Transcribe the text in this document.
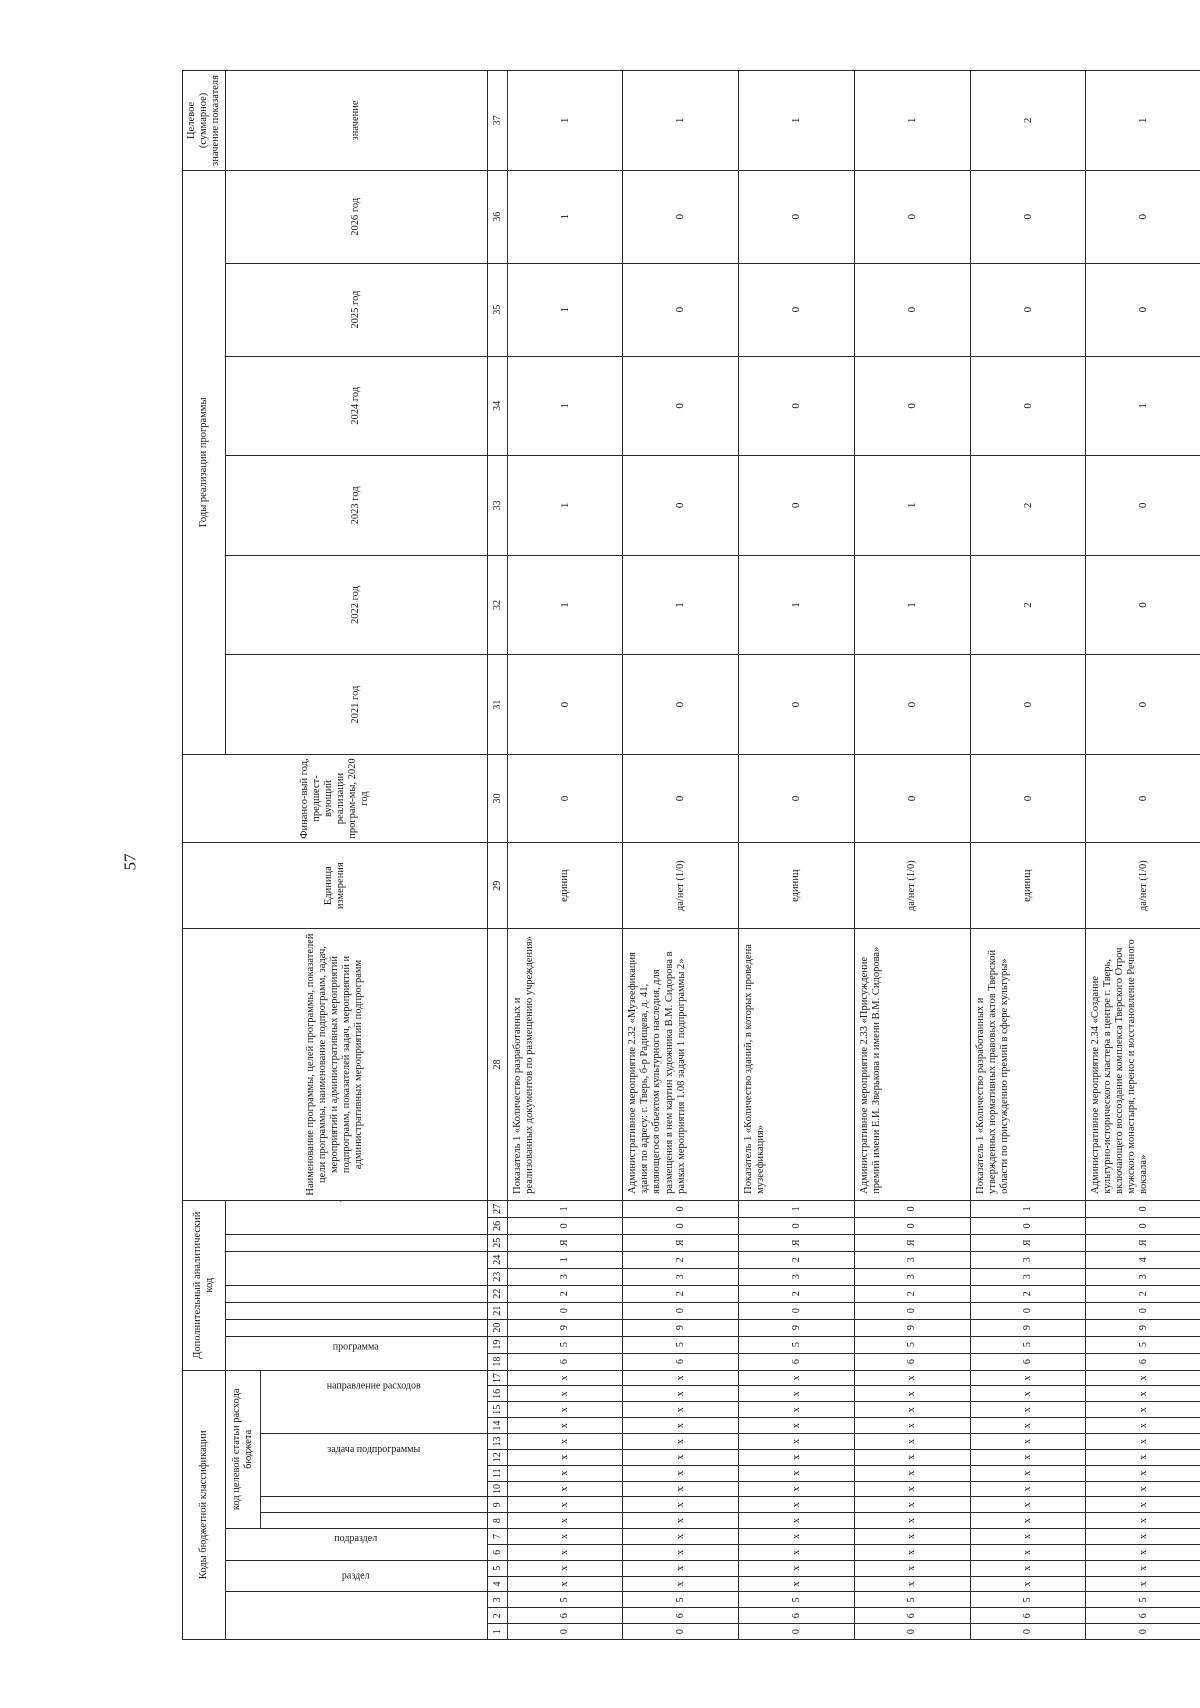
57
Коды бюджетной классификации																	Дополнительный аналитический код										Наименование программы, целей программы, показателей цели программы, наименование подпрограмм, задач, мероприятий и административных мероприятий подпрограмм, показателей задач, мероприятий и административных мероприятий подпрограмм	Единица измерения	Финансо-вый год, предшест-вующий реализации програм-мы, 2020 год	Годы реализации программы						Целевое (суммарное) значение показателя
	раздел		подраздел		код целевой статьи расхода бюджета										программа													2021 год	2022 год	2023 год	2024 год	2025 год	2026 год	значение
		задача подпрограммы				направление расходов																							
1	2	3	4	5	6	7	8	9	10	11	12	13	14	15	16	17	18	19	20	21	22	23	24	25	26	27	28	29	30	31	32	33	34	35	36	37
0	6	5	x	x	x	x	x	x	x	x	x	x	x	x	x	x	6	5	9	0	2	3	1	Я	0	1	Показатель 1 «Количество разработанных и реализованных документов по размещению учреждения»	единиц	0	0	1	1	1	1	1	1
0	6	5	x	x	x	x	x	x	x	x	x	x	x	x	x	x	6	5	9	0	2	3	2	Я	0	0	Административное мероприятие 2.32 «Музеефикация здания по адресу: г. Тверь, б-р Радищева, д. 41, являющегося объектом культурного наследия, для размещения в нем картин художника В.М. Сидорова в рамках мероприятия 1.08 задачи 1 подпрограммы 2»	да/нет (1/0)	0	0	1	0	0	0	0	1
0	6	5	x	x	x	x	x	x	x	x	x	x	x	x	x	x	6	5	9	0	2	3	2	Я	0	1	Показатель 1 «Количество зданий, в которых проведена музеефикация»	единиц	0	0	1	0	0	0	0	1
0	6	5	x	x	x	x	x	x	x	x	x	x	x	x	x	x	6	5	9	0	2	3	3	Я	0	0	Административное мероприятие 2.33 «Присуждение премий имени Е.И. Зверькова и имени В.М. Сидорова»	да/нет (1/0)	0	0	1	1	0	0	0	1
0	6	5	x	x	x	x	x	x	x	x	x	x	x	x	x	x	6	5	9	0	2	3	3	Я	0	1	Показатель 1 «Количество разработанных и утвержденных нормативных правовых актов Тверской области по присуждению премий в сфере культуры»	единиц	0	0	2	2	0	0	0	2
0	6	5	x	x	x	x	x	x	x	x	x	x	x	x	x	x	6	5	9	0	2	3	4	Я	0	0	Административное мероприятие 2.34 «Создание культурно-исторического кластера в центре г. Тверь, включающего воссоздание комплекса Тверского Отроч мужского монастыря, перенос и восстановление Речного вокзала»	да/нет (1/0)	0	0	0	0	1	0	0	1
